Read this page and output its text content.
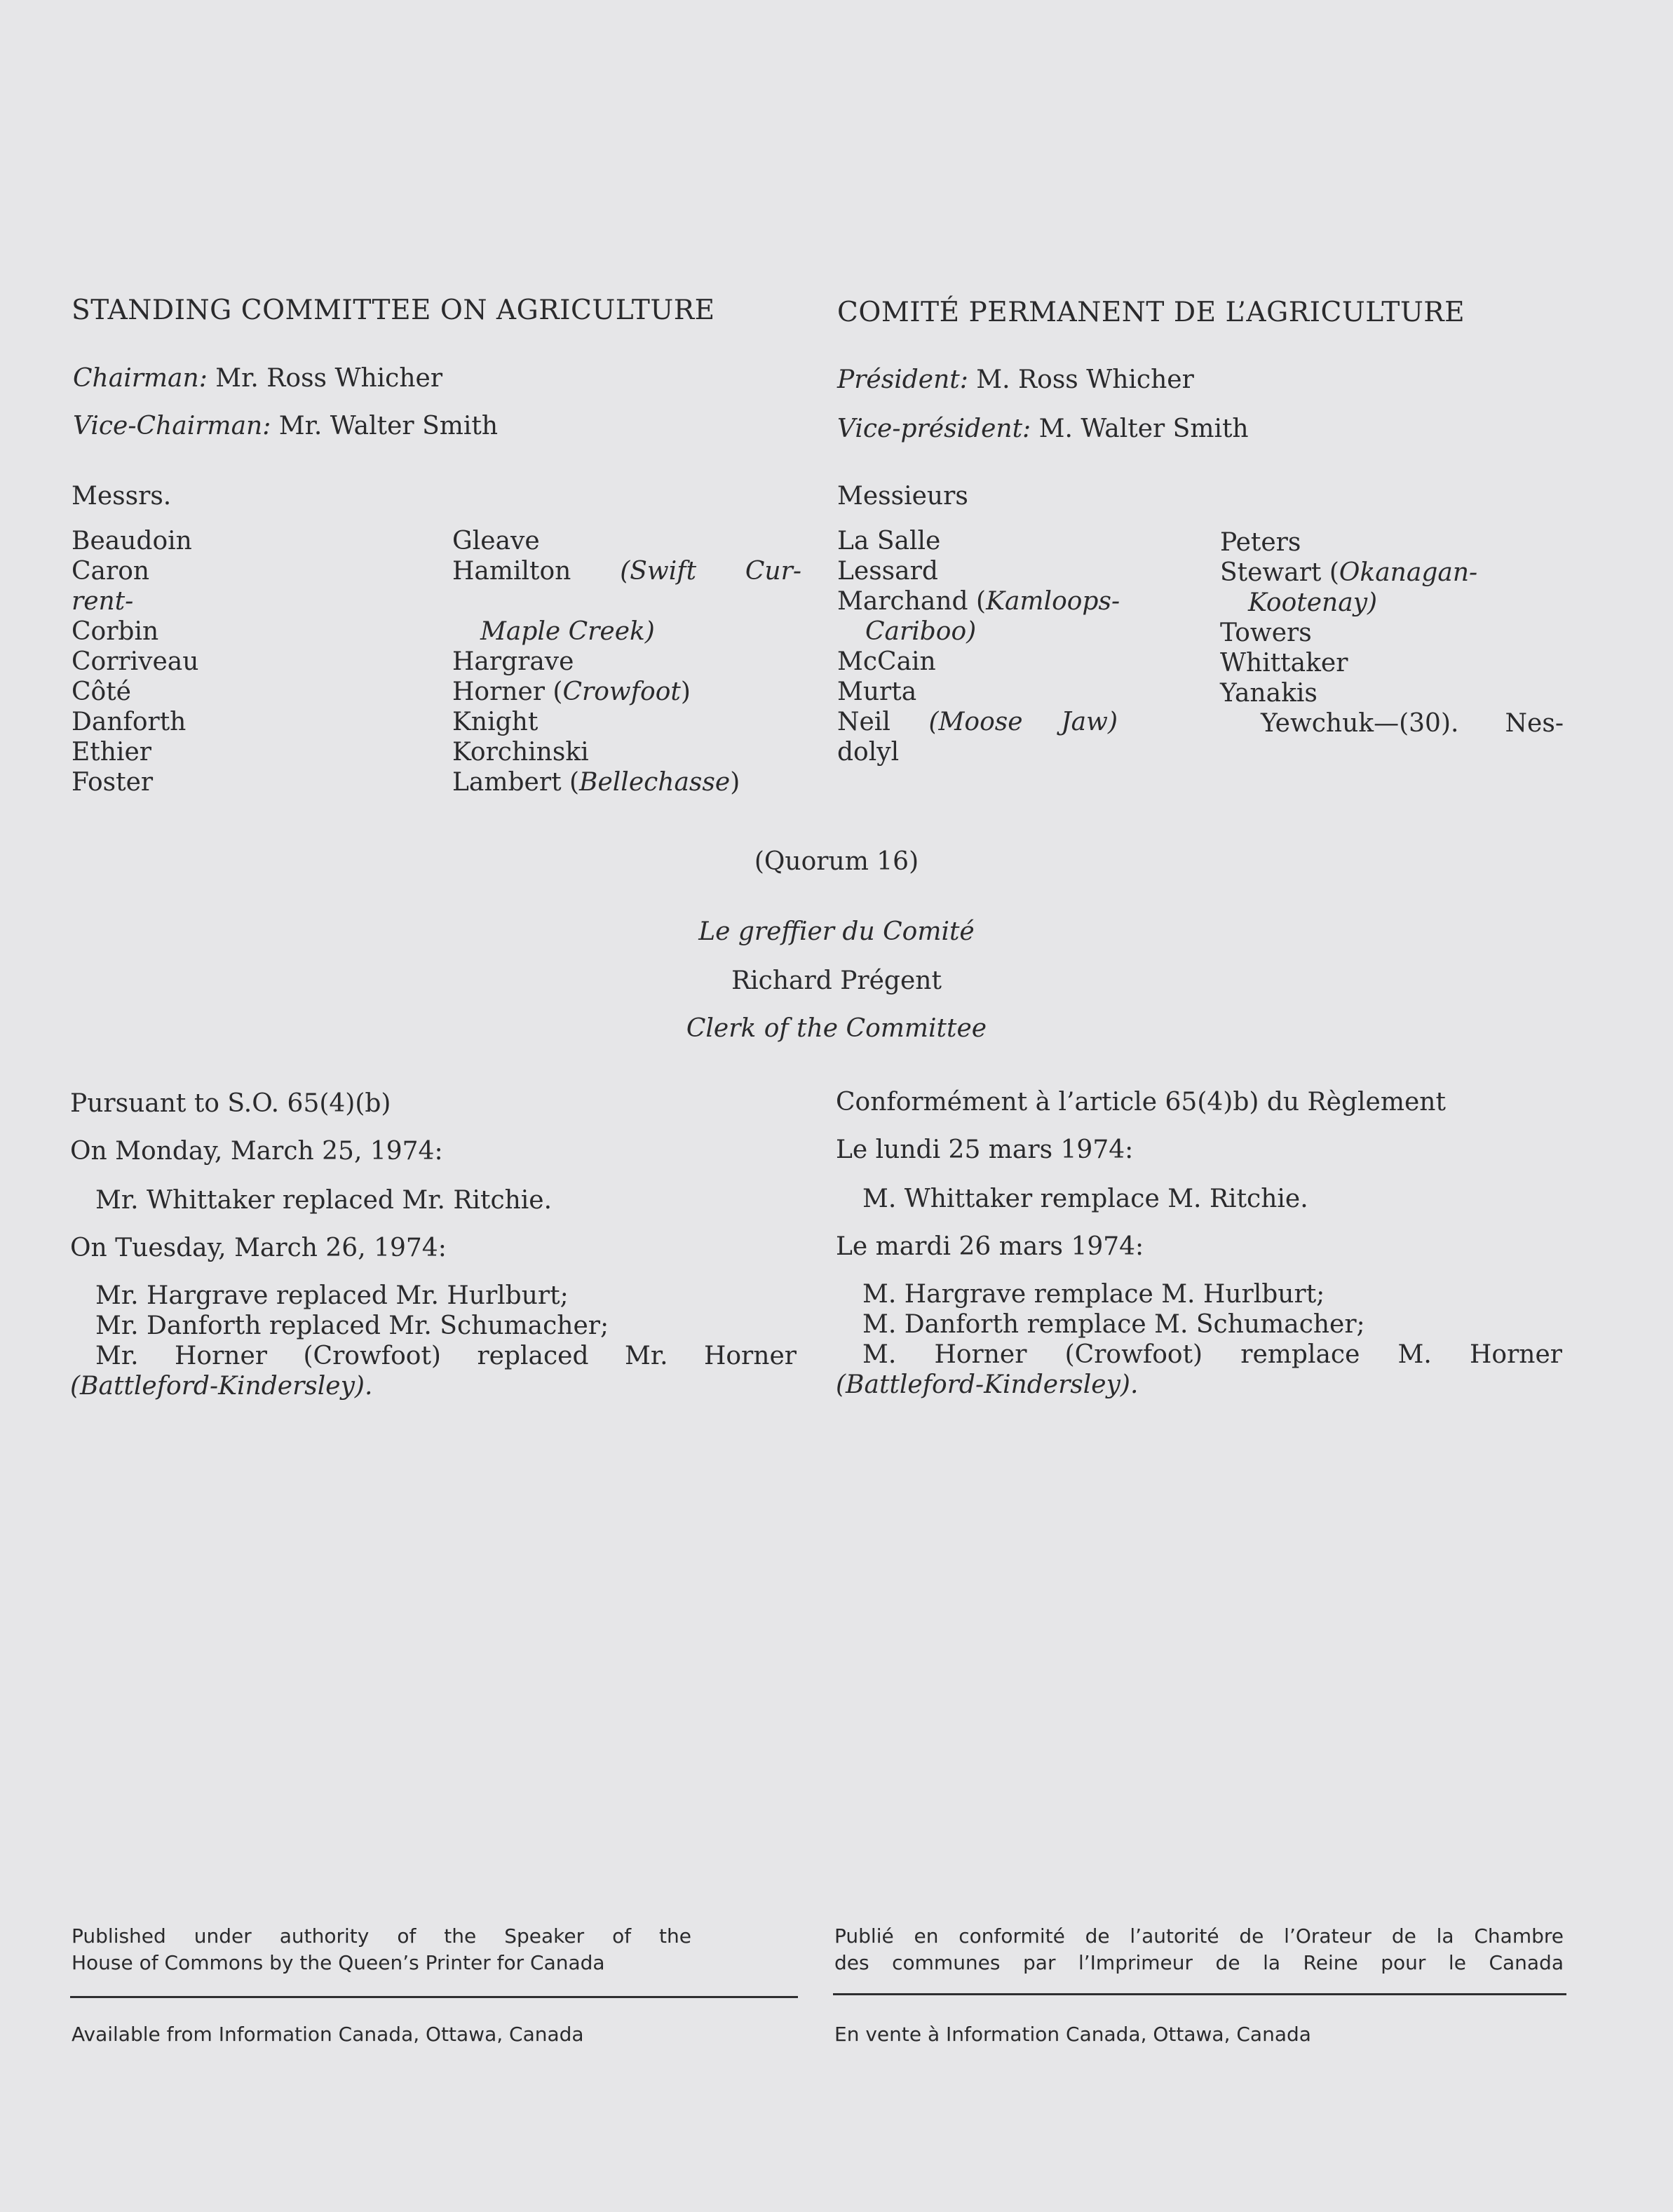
STANDING COMMITTEE ON AGRICULTURE	COMITÉ PERMANENT DE L’AGRICULTURE
Chairman: Mr. Ross Whicher
Vice-Chairman: Mr. Walter Smith
Président: M. Ross Whicher
Vice-président: M. Walter Smith
Messrs.	Messieurs
Beaudoin
Caron
rent-
Corbin
Corriveau
Côté
Danforth
Ethier
Foster
Gleave
Hamilton (Swift Cur-

Maple Creek)
Hargrave
Horner (Crowfoot)
Knight
Korchinski
Lambert (Bellechasse)
La Salle
Lessard
Marchand (Kamloops-
Cariboo)
McCain
Murta
Neil (Moose Jaw)
dolyl
Peters
Stewart (Okanagan-
Kootenay)
Towers
Whittaker
Yanakis
Yewchuk—(30). Nes-
(Quorum 16)
Le greffier du Comité
Richard Prégent
Clerk of the Committee
Pursuant to S.O. 65(4)(b)
On Monday, March 25, 1974:
Mr. Whittaker replaced Mr. Ritchie.
On Tuesday, March 26, 1974:
Mr. Hargrave replaced Mr. Hurlburt;
Mr. Danforth replaced Mr. Schumacher;
Mr. Horner (Crowfoot) replaced Mr. Horner
(Battleford-Kindersley).
Conformément à l’article 65(4)b) du Règlement
Le lundi 25 mars 1974:
M. Whittaker remplace M. Ritchie.
Le mardi 26 mars 1974:
M. Hargrave remplace M. Hurlburt;
M. Danforth remplace M. Schumacher;
M. Horner (Crowfoot) remplace M. Horner
(Battleford-Kindersley).
Published under authority of the Speaker of the
House of Commons by the Queen’s Printer for Canada
Available from Information Canada, Ottawa, Canada
Publié en conformité de l’autorité de l’Orateur de la Chambre
des communes par l’Imprimeur de la Reine pour le Canada
En vente à Information Canada, Ottawa, Canada
